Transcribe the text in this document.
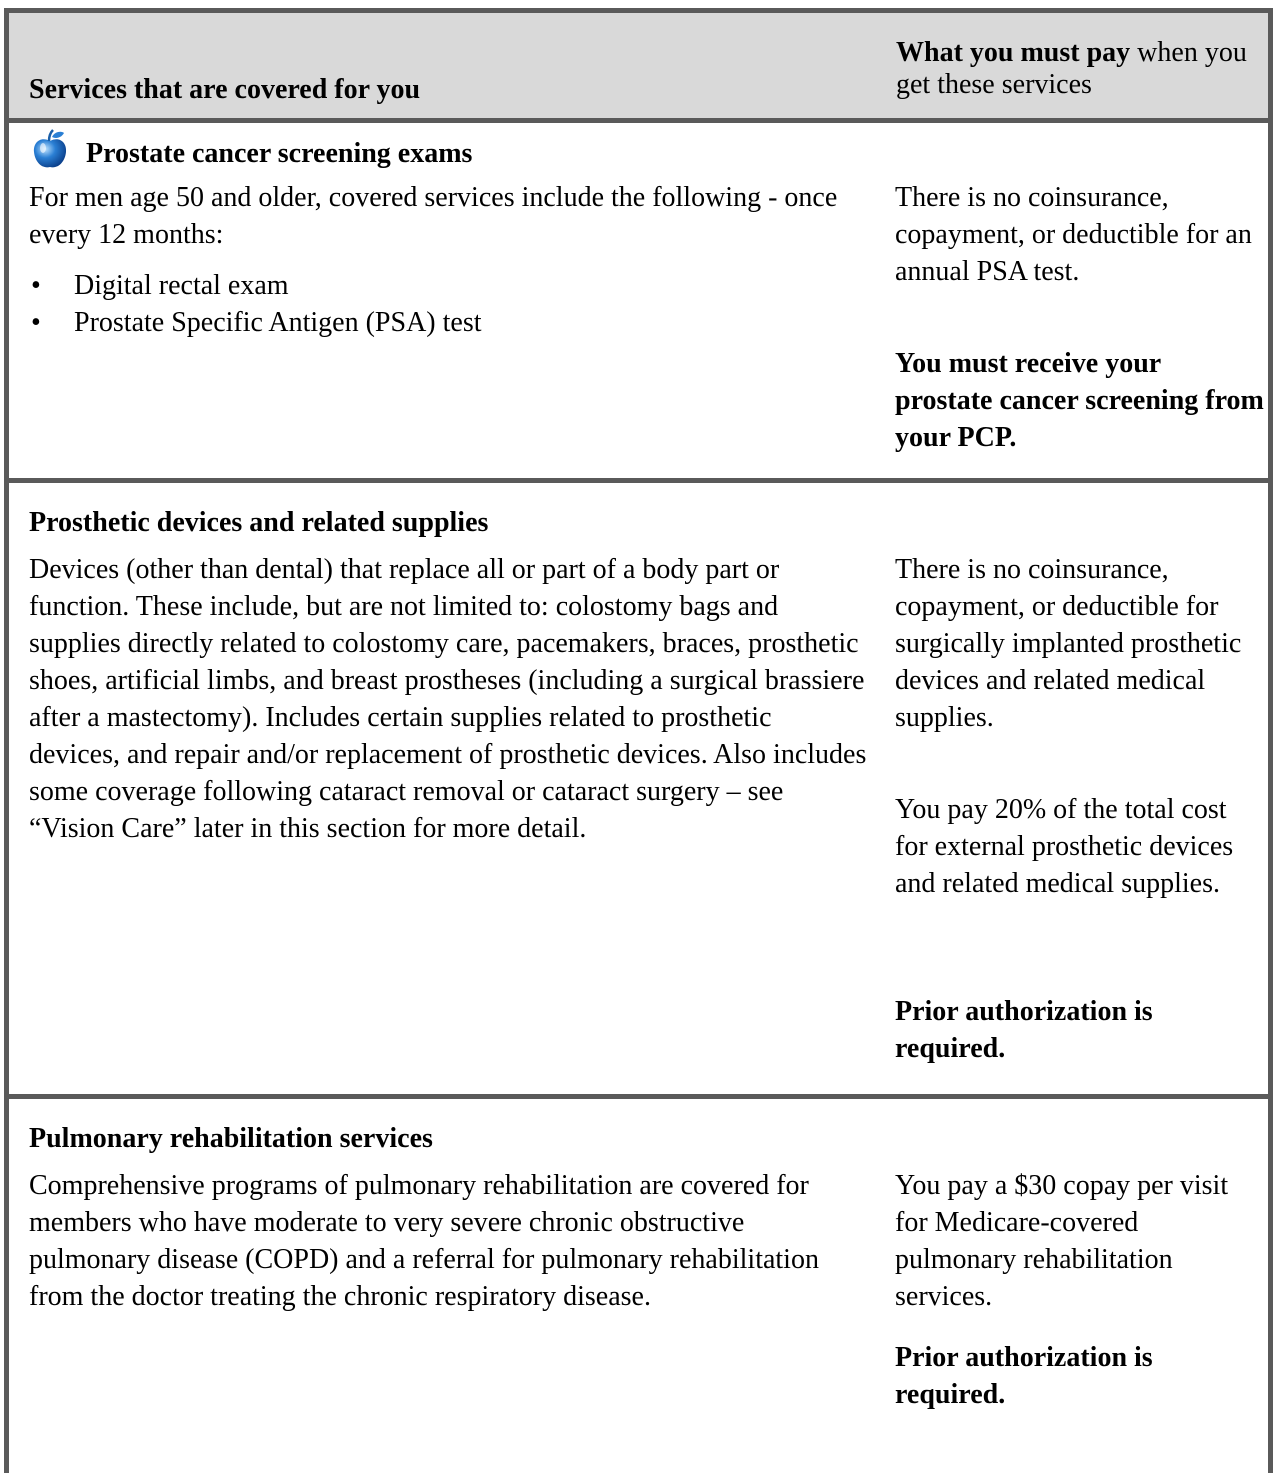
Services that are covered for you
What you must pay when you get these services
Prostate cancer screening exams

For men age 50 and older, covered services include the following - once every 12 months:

• Digital rectal exam
• Prostate Specific Antigen (PSA) test

There is no coinsurance, copayment, or deductible for an annual PSA test.

You must receive your prostate cancer screening from your PCP.

Prosthetic devices and related supplies

Devices (other than dental) that replace all or part of a body part or function. These include, but are not limited to: colostomy bags and supplies directly related to colostomy care, pacemakers, braces, prosthetic shoes, artificial limbs, and breast prostheses (including a surgical brassiere after a mastectomy). Includes certain supplies related to prosthetic devices, and repair and/or replacement of prosthetic devices. Also includes some coverage following cataract removal or cataract surgery – see “Vision Care” later in this section for more detail.

There is no coinsurance, copayment, or deductible for surgically implanted prosthetic devices and related medical supplies.

You pay 20% of the total cost for external prosthetic devices and related medical supplies.

Prior authorization is required.

Pulmonary rehabilitation services

Comprehensive programs of pulmonary rehabilitation are covered for members who have moderate to very severe chronic obstructive pulmonary disease (COPD) and a referral for pulmonary rehabilitation from the doctor treating the chronic respiratory disease.

You pay a $30 copay per visit for Medicare-covered pulmonary rehabilitation services.

Prior authorization is required.
